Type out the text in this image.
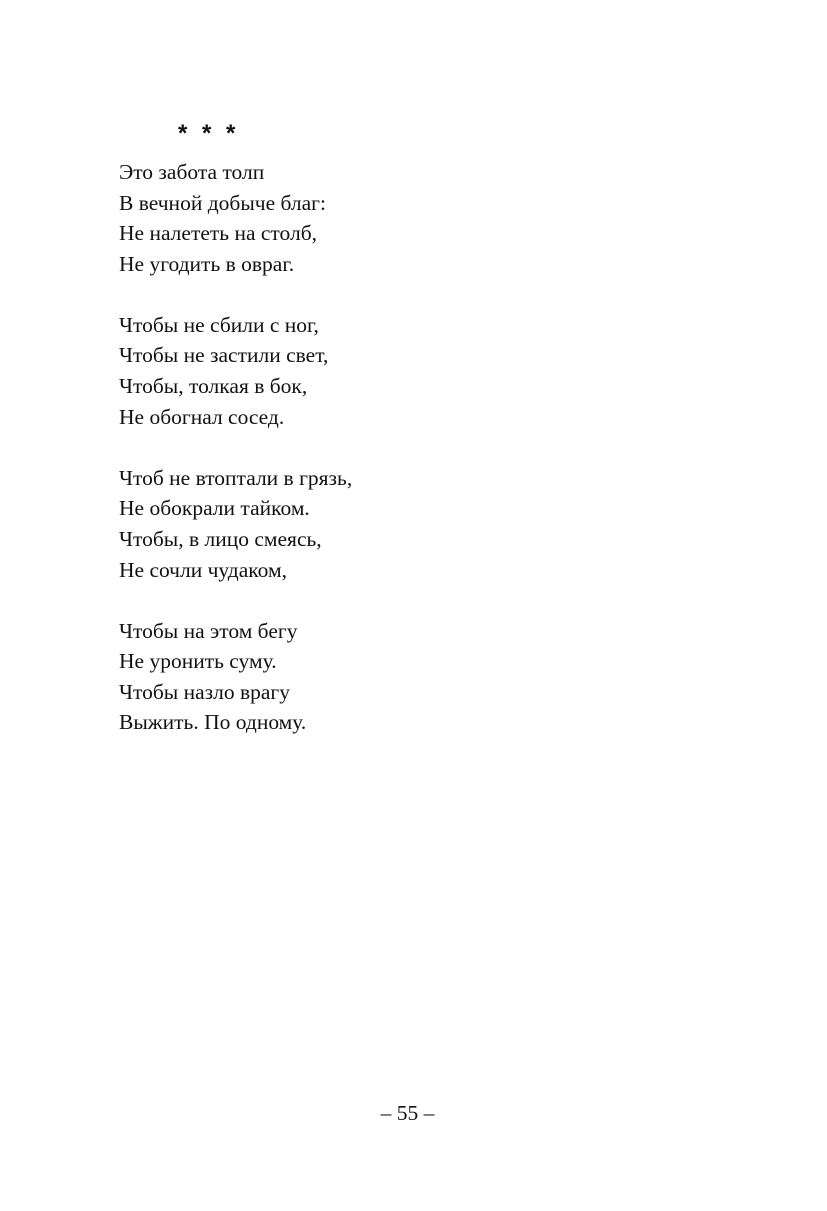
* * *
Это забота толп
В вечной добыче благ:
Не налететь на столб,
Не угодить в овраг.
Чтобы не сбили с ног,
Чтобы не застили свет,
Чтобы, толкая в бок,
Не обогнал сосед.
Чтоб не втоптали в грязь,
Не обокрали тайком.
Чтобы, в лицо смеясь,
Не сочли чудаком,
Чтобы на этом бегу
Не уронить суму.
Чтобы назло врагу
Выжить. По одному.
– 55 –
